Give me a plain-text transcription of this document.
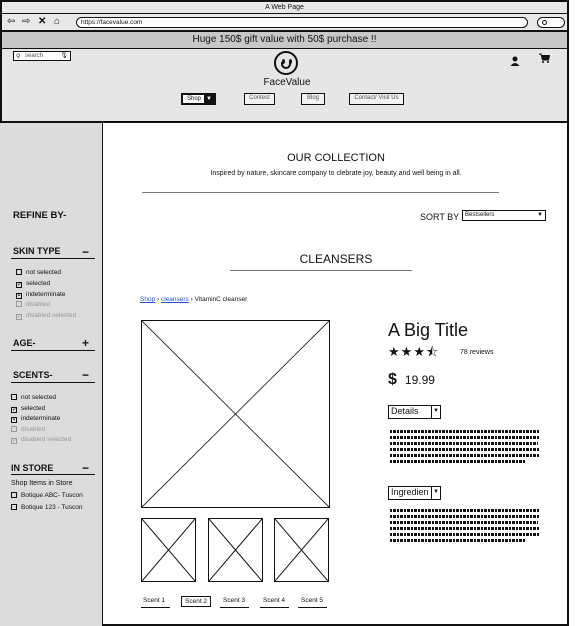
A Web Page
⇦ ⇨ ✕ ⌂	https://facevalue.com
Huge 150$ gift value with 50$ purchase !!
⚲ search	🎙
FaceValue
Shop ▼	Contest	Blog	Contact/ Visit Us
REFINE BY-
SKIN TYPE −
not selected
✓ selected
▪ indeterminate
disabled
✓ disabled selected
AGE-	+
SCENTS- −
not selected
✓ selected
▪ indeterminate
disabled
✓ disabled selected
IN STORE −
Shop Items in Store
Botique ABC- Tuscon
Botique 123 - Tuscon
OUR COLLECTION
Inspired by nature, skincare company to clebrate joy, beauty and well being in all.
SORT BY Bestsellers	▼
CLEANSERS
Shop › cleansers › VitaminC cleanser
Scent 1	Scent 2	Scent 3	Scent 4 Scent 5
A Big Title
★★★⯪	78 reviews
$ 19.99
Details	▼
Ingredien ▼
